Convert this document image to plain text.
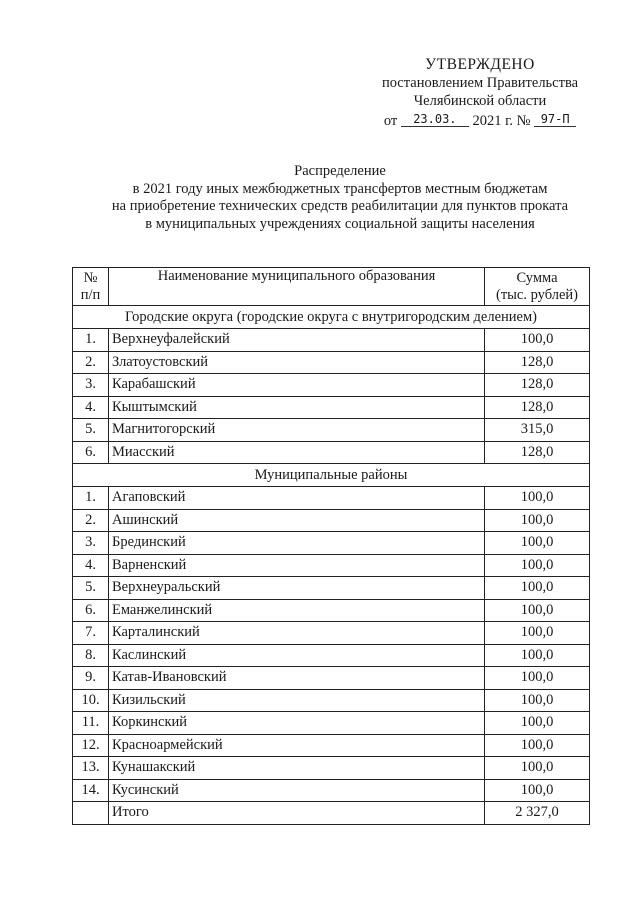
УТВЕРЖДЕНО
постановлением Правительства
Челябинской области
от 23.03. 2021 г. № 97-П
Распределение
в 2021 году иных межбюджетных трансфертов местным бюджетам
на приобретение технических средств реабилитации для пунктов проката
в муниципальных учреждениях социальной защиты населения
№
п/п	Наименование муниципального образования	Сумма
(тыс. рублей)
Городские округа (городские округа с внутригородским делением)		
1.	Верхнеуфалейский	100,0
2.	Златоустовский	128,0
3.	Карабашский	128,0
4.	Кыштымский	128,0
5.	Магнитогорский	315,0
6.	Миасский	128,0
Муниципальные районы		
1.	Агаповский	100,0
2.	Ашинский	100,0
3.	Брединский	100,0
4.	Варненский	100,0
5.	Верхнеуральский	100,0
6.	Еманжелинский	100,0
7.	Карталинский	100,0
8.	Каслинский	100,0
9.	Катав-Ивановский	100,0
10.	Кизильский	100,0
11.	Коркинский	100,0
12.	Красноармейский	100,0
13.	Кунашакский	100,0
14.	Кусинский	100,0
	Итого	2 327,0
